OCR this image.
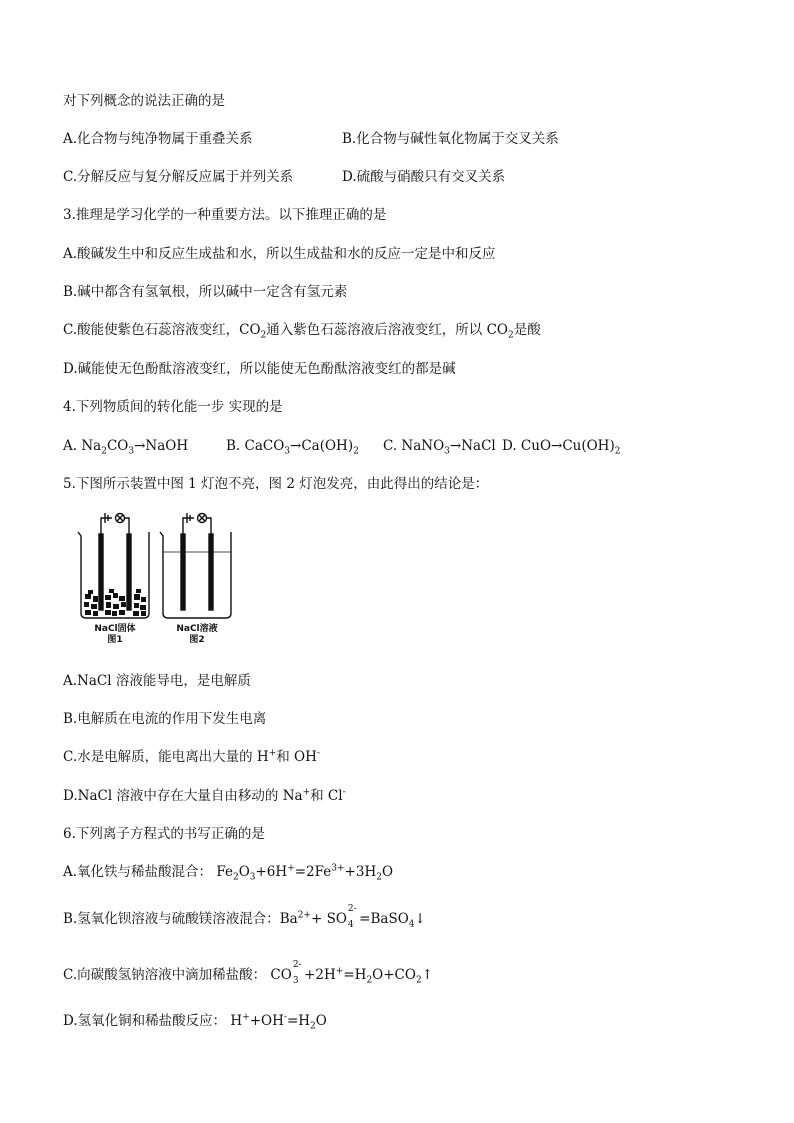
对下列概念的说法正确的是
A.化合物与纯净物属于重叠关系	B.化合物与碱性氧化物属于交叉关系
C.分解反应与复分解反应属于并列关系	D.硫酸与硝酸只有交叉关系
3.推理是学习化学的一种重要方法。以下推理正确的是
A.酸碱发生中和反应生成盐和水，所以生成盐和水的反应一定是中和反应
B.碱中都含有氢氧根，所以碱中一定含有氢元素
C.酸能使紫色石蕊溶液变红，$CO_2$通入紫色石蕊溶液后溶液变红，所以 $CO_2$是酸
D.碱能使无色酚酞溶液变红，所以能使无色酚酞溶液变红的都是碱
4.下列物质间的转化能一步 实现的是
A. $Na_2CO_3\to NaOH$	B. $CaCO_3\to Ca(OH)_2$ C. NaNO$_3$→NaCl D. $CuO\to Cu(OH)_2$
5.下图所示装置中图 1 灯泡不亮，图 2 灯泡发亮，由此得出的结论是：
NaCl固体
图1
NaCl溶液
图2
A.NaCl 溶液能导电，是电解质
B.电解质在电流的作用下发生电离
C.水是电解质，能电离出大量的 H+和 OH-
D.NaCl 溶液中存在大量自由移动的 Na+和 Cl-
6.下列离子方程式的书写正确的是
A.氧化铁与稀盐酸混合： $Fe_2O_3+6H^+=2Fe^{3+}+3H_2O$
B.氢氧化钡溶液与硫酸镁溶液混合：$Ba^{2+}+$ SO
2-
4 =BaSO$_4$↓
C.向碳酸氢钠溶液中滴加稀盐酸： CO
2-
$3 +2H^+=H_2O+CO_2↑$
D.氢氧化铜和稀盐酸反应： $H^++OH^-=H_2O$
